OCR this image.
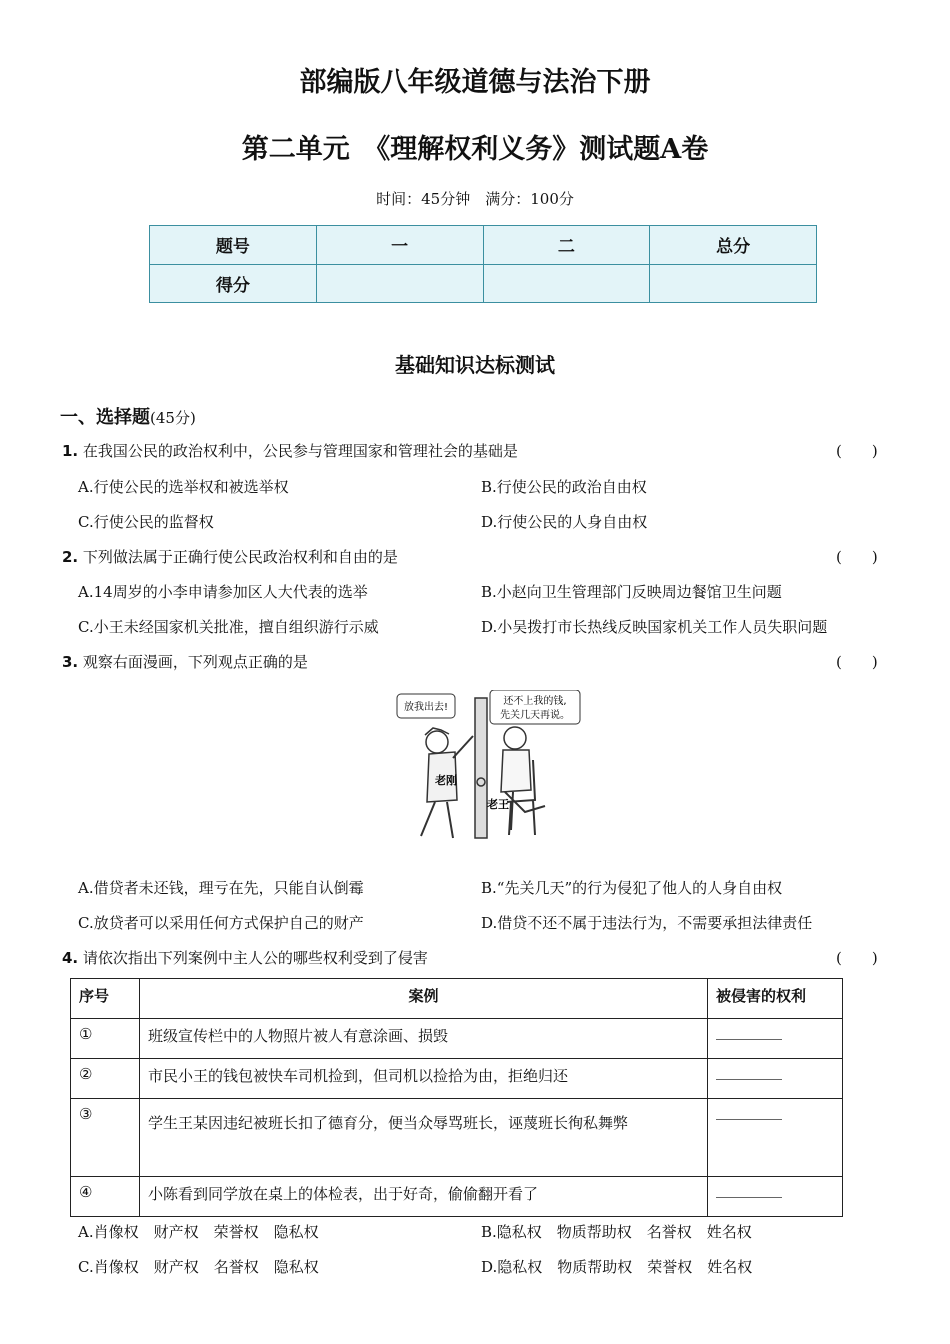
部编版八年级道德与法治下册
第二单元　《理解权利义务》测试题A卷
时间：45分钟　满分：100分
题号	一	二	总分
得分			
基础知识达标测试
一、选择题(45分)
1. 在我国公民的政治权利中，公民参与管理国家和管理社会的基础是	(　　)
A.行使公民的选举权和被选举权	B.行使公民的政治自由权
C.行使公民的监督权	D.行使公民的人身自由权
2. 下列做法属于正确行使公民政治权利和自由的是	(　　)
A.14周岁的小李申请参加区人大代表的选举	B.小赵向卫生管理部门反映周边餐馆卫生问题
C.小王未经国家机关批准，擅自组织游行示威	D.小吴拨打市长热线反映国家机关工作人员失职问题
3. 观察右面漫画，下列观点正确的是	(　　)
放我出去!
还不上我的钱,
先关几天再说。
老刚
老王
A.借贷者未还钱，理亏在先，只能自认倒霉	B.“先关几天”的行为侵犯了他人的人身自由权
C.放贷者可以采用任何方式保护自己的财产	D.借贷不还不属于违法行为，不需要承担法律责任
4. 请依次指出下列案例中主人公的哪些权利受到了侵害	(　　)
序号	案例	被侵害的权利
①	班级宣传栏中的人物照片被人有意涂画、损毁	
②	市民小王的钱包被快车司机捡到，但司机以捡拾为由，拒绝归还	
③	学生王某因违纪被班长扣了德育分，便当众辱骂班长，诬蔑班长徇私舞弊	
④	小陈看到同学放在桌上的体检表，出于好奇，偷偷翻开看了	
A.肖像权　财产权　荣誉权　隐私权	B.隐私权　物质帮助权　名誉权　姓名权
C.肖像权　财产权　名誉权　隐私权	D.隐私权　物质帮助权　荣誉权　姓名权
